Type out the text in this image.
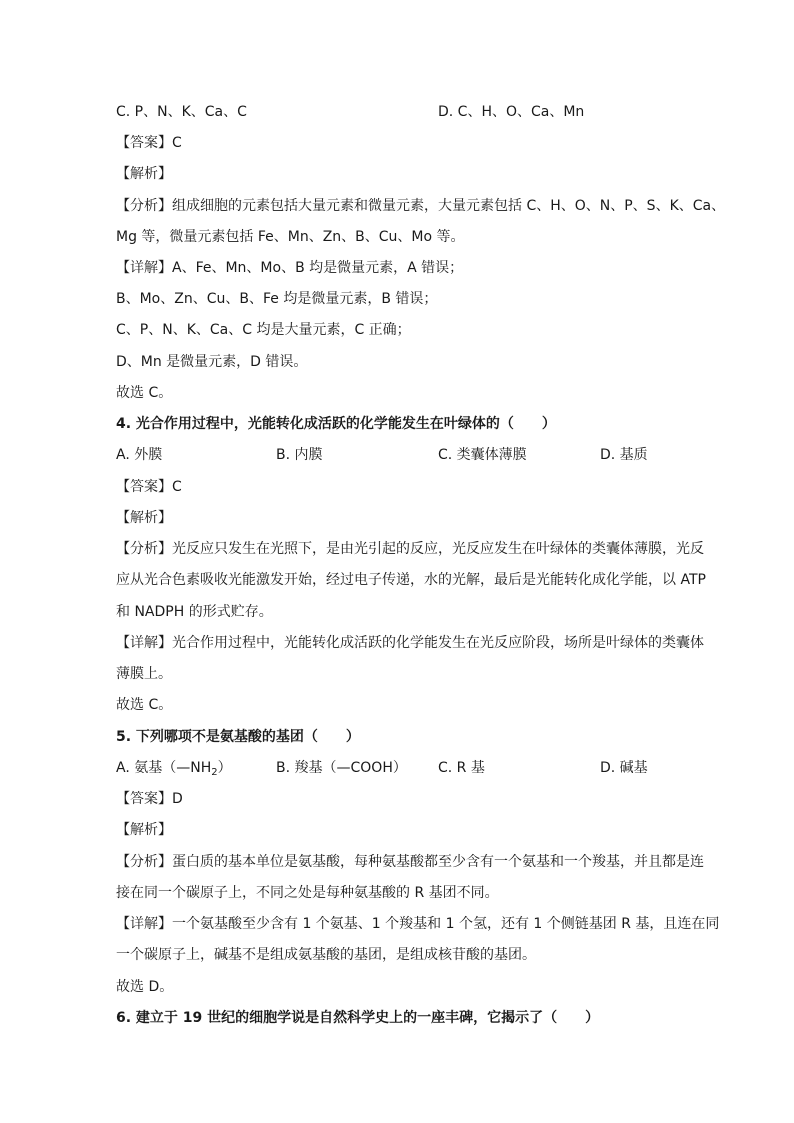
C. P、N、K、Ca、C	D. C、H、O、Ca、Mn
【答案】C
【解析】
【分析】组成细胞的元素包括大量元素和微量元素，大量元素包括 C、H、O、N、P、S、K、Ca、
Mg 等，微量元素包括 Fe、Mn、Zn、B、Cu、Mo 等。
【详解】A、Fe、Mn、Mo、B 均是微量元素，A 错误；
B、Mo、Zn、Cu、B、Fe 均是微量元素，B 错误；
C、P、N、K、Ca、C 均是大量元素，C 正确；
D、Mn 是微量元素，D 错误。
故选 C。
4. 光合作用过程中，光能转化成活跃的化学能发生在叶绿体的（　　）
A. 外膜	B. 内膜	C. 类囊体薄膜	D. 基质
【答案】C
【解析】
【分析】光反应只发生在光照下，是由光引起的反应，光反应发生在叶绿体的类囊体薄膜，光反
应从光合色素吸收光能激发开始，经过电子传递，水的光解，最后是光能转化成化学能，以 ATP
和 NADPH 的形式贮存。
【详解】光合作用过程中，光能转化成活跃的化学能发生在光反应阶段，场所是叶绿体的类囊体
薄膜上。
故选 C。
5. 下列哪项不是氨基酸的基团（　　）
A. 氨基$(—NH_2)$	B. 羧基（—COOH） C. R 基	D. 碱基
【答案】D
【解析】
【分析】蛋白质的基本单位是氨基酸，每种氨基酸都至少含有一个氨基和一个羧基，并且都是连
接在同一个碳原子上，不同之处是每种氨基酸的 R 基团不同。
【详解】一个氨基酸至少含有 1 个氨基、1 个羧基和 1 个氢，还有 1 个侧链基团 R 基，且连在同
一个碳原子上，碱基不是组成氨基酸的基团，是组成核苷酸的基团。
故选 D。
6. 建立于 19 世纪的细胞学说是自然科学史上的一座丰碑，它揭示了（　　）
